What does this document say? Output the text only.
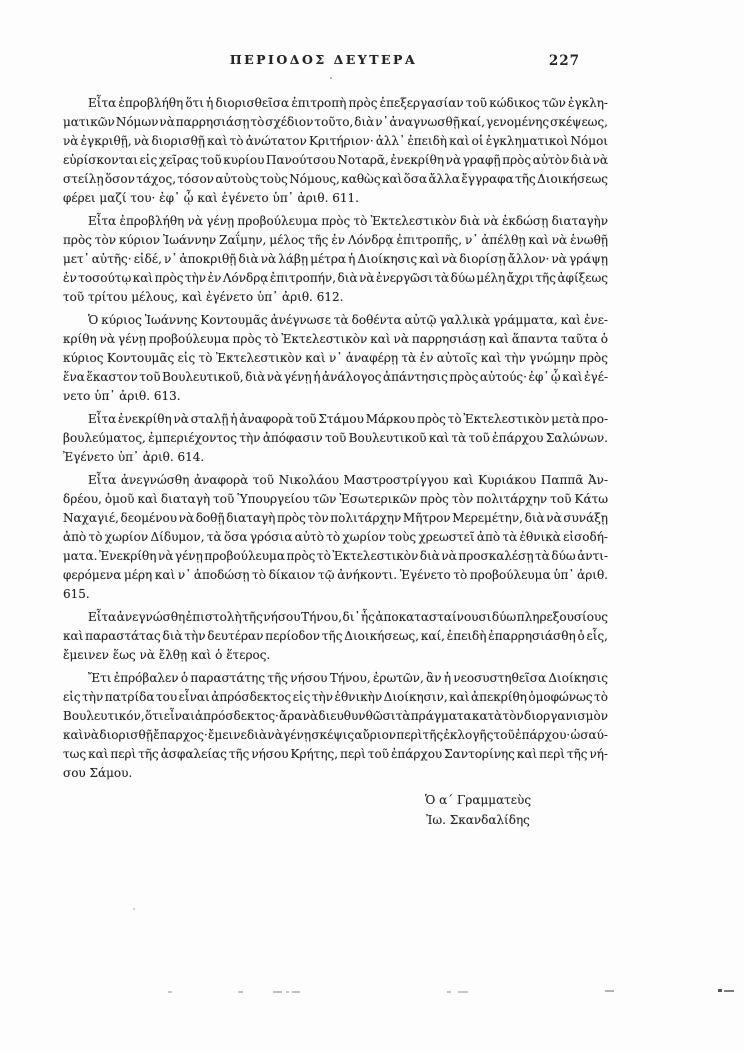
ΠΕΡΙΟΔΟΣ ΔΕΥΤΕΡΑ	227
Εἶτα ἐπροβλήθη ὅτι ἡ διορισθεῖσα ἐπιτροπὴ πρὸς ἐπεξεργασίαν τοῦ κώδικος τῶν ἐγκλη-
ματικῶν Νόμων νὰ παρρησιάσῃ τὸ σχέδιον τοῦτο, διὰ ν᾽ ἀναγνωσθῇ καί, γενομένης σκέψεως,
νὰ ἐγκριθῇ, νὰ διορισθῇ καὶ τὸ ἀνώτατον Κριτήριον· ἀλλ᾽ ἐπειδὴ καὶ οἱ ἐγκληματικοὶ Νόμοι
εὑρίσκονται εἰς χεῖρας τοῦ κυρίου Πανούτσου Νοταρᾶ, ἐνεκρίθη νὰ γραφῇ πρὸς αὐτὸν διὰ νὰ
στείλῃ ὅσον τάχος, τόσον αὐτοὺς τοὺς Νόμους, καθὼς καὶ ὅσα ἄλλα ἔγγραφα τῆς Διοικήσεως
φέρει μαζί του· ἐφ᾽ ᾧ καὶ ἐγένετο ὑπ᾽ ἀριθ. 611.
Εἶτα ἐπροβλήθη νὰ γένῃ προβούλευμα πρὸς τὸ Ἐκτελεστικὸν διὰ νὰ ἐκδώσῃ διαταγὴν
πρὸς τὸν κύριον Ἰωάννην Ζαΐμην, μέλος τῆς ἐν Λόνδρᾳ ἐπιτροπῆς, ν᾽ ἀπέλθῃ καὶ νὰ ἑνωθῇ
μετ᾽ αὐτῆς· εἰδέ, ν᾽ ἀποκριθῇ διὰ νὰ λάβῃ μέτρα ἡ Διοίκησις καὶ νὰ διορίσῃ ἄλλον· νὰ γράψῃ
ἐν τοσούτῳ καὶ πρὸς τὴν ἐν Λόνδρᾳ ἐπιτροπήν, διὰ νὰ ἐνεργῶσι τὰ δύω μέλη ἄχρι τῆς ἀφίξεως
τοῦ τρίτου μέλους, καὶ ἐγένετο ὑπ᾽ ἀριθ. 612.
Ὁ κύριος Ἰωάννης Κοντουμᾶς ἀνέγνωσε τὰ δοθέντα αὐτῷ γαλλικὰ γράμματα, καὶ ἐνε-
κρίθη νὰ γένῃ προβούλευμα πρὸς τὸ Ἐκτελεστικὸν καὶ νὰ παρρησιάσῃ καὶ ἅπαντα ταῦτα ὁ
κύριος Κοντουμᾶς εἰς τὸ Ἐκτελεστικὸν καὶ ν᾽ ἀναφέρῃ τὰ ἐν αὐτοῖς καὶ τὴν γνώμην πρὸς
ἕνα ἕκαστον τοῦ Βουλευτικοῦ, διὰ νὰ γένῃ ἡ ἀνάλογος ἀπάντησις πρὸς αὐτούς· ἐφ᾽ ᾧ καὶ ἐγέ-
νετο ὑπ᾽ ἀριθ. 613.
Εἶτα ἐνεκρίθη νὰ σταλῇ ἡ ἀναφορὰ τοῦ Στάμου Μάρκου πρὸς τὸ Ἐκτελεστικὸν μετὰ προ-
βουλεύματος, ἐμπεριέχοντος τὴν ἀπόφασιν τοῦ Βουλευτικοῦ καὶ τὰ τοῦ ἐπάρχου Σαλώνων.
Ἐγένετο ὑπ᾽ ἀριθ. 614.
Εἶτα ἀνεγνώσθη ἀναφορὰ τοῦ Νικολάου Μαστροστρίγγου καὶ Κυριάκου Παππᾶ Ἀν-
δρέου, ὁμοῦ καὶ διαταγὴ τοῦ Ὑπουργείου τῶν Ἐσωτερικῶν πρὸς τὸν πολιτάρχην τοῦ Κάτω
Ναχαγιέ, δεομένου νὰ δοθῇ διαταγὴ πρὸς τὸν πολιτάρχην Μῆτρον Μερεμέτην, διὰ νὰ συνάξῃ
ἀπὸ τὸ χωρίον Δίδυμον, τὰ ὅσα γρόσια αὐτὸ τὸ χωρίον τοὺς χρεωστεῖ ἀπὸ τὰ ἐθνικὰ εἰσοδή-
ματα. Ἐνεκρίθη νὰ γένῃ προβούλευμα πρὸς τὸ Ἐκτελεστικὸν διὰ νὰ προσκαλέσῃ τὰ δύω ἀντι-
φερόμενα μέρη καὶ ν᾽ ἀποδώσῃ τὸ δίκαιον τῷ ἀνήκοντι. Ἐγένετο τὸ προβούλευμα ὑπ᾽ ἀριθ.
615.
Εἶτα ἀνεγνώσθη ἐπιστολὴ τῆς νήσου Τήνου, δι᾽ ἧς ἀποκατασταίνουσι δύω πληρεξουσίους
καὶ παραστάτας διὰ τὴν δευτέραν περίοδον τῆς Διοικήσεως, καί, ἐπειδὴ ἐπαρρησιάσθη ὁ εἷς,
ἔμεινεν ἕως νὰ ἔλθῃ καὶ ὁ ἕτερος.
Ἔτι ἐπρόβαλεν ὁ παραστάτης τῆς νήσου Τήνου, ἐρωτῶν, ἂν ἡ νεοσυστηθεῖσα Διοίκησις
εἰς τὴν πατρίδα του εἶναι ἀπρόσδεκτος εἰς τὴν ἐθνικὴν Διοίκησιν, καὶ ἀπεκρίθη ὁμοφώνως τὸ
Βουλευτικόν, ὅτι εἶναι ἀπρόσδεκτος· ἄρα νὰ διευθυνθῶσι τὰ πράγματα κατὰ τὸν διοργανισμὸν
καὶ νὰ διορισθῇ ἔπαρχος· ἔμεινε διὰ νὰ γένῃ σκέψις αὔριον περὶ τῆς ἐκλογῆς τοῦ ἐπάρχου· ὡσαύ-
τως καὶ περὶ τῆς ἀσφαλείας τῆς νήσου Κρήτης, περὶ τοῦ ἐπάρχου Σαντορίνης καὶ περὶ τῆς νή-
σου Σάμου.
Ὁ α΄ Γραμματεὺς
Ἰω. Σκανδαλίδης
